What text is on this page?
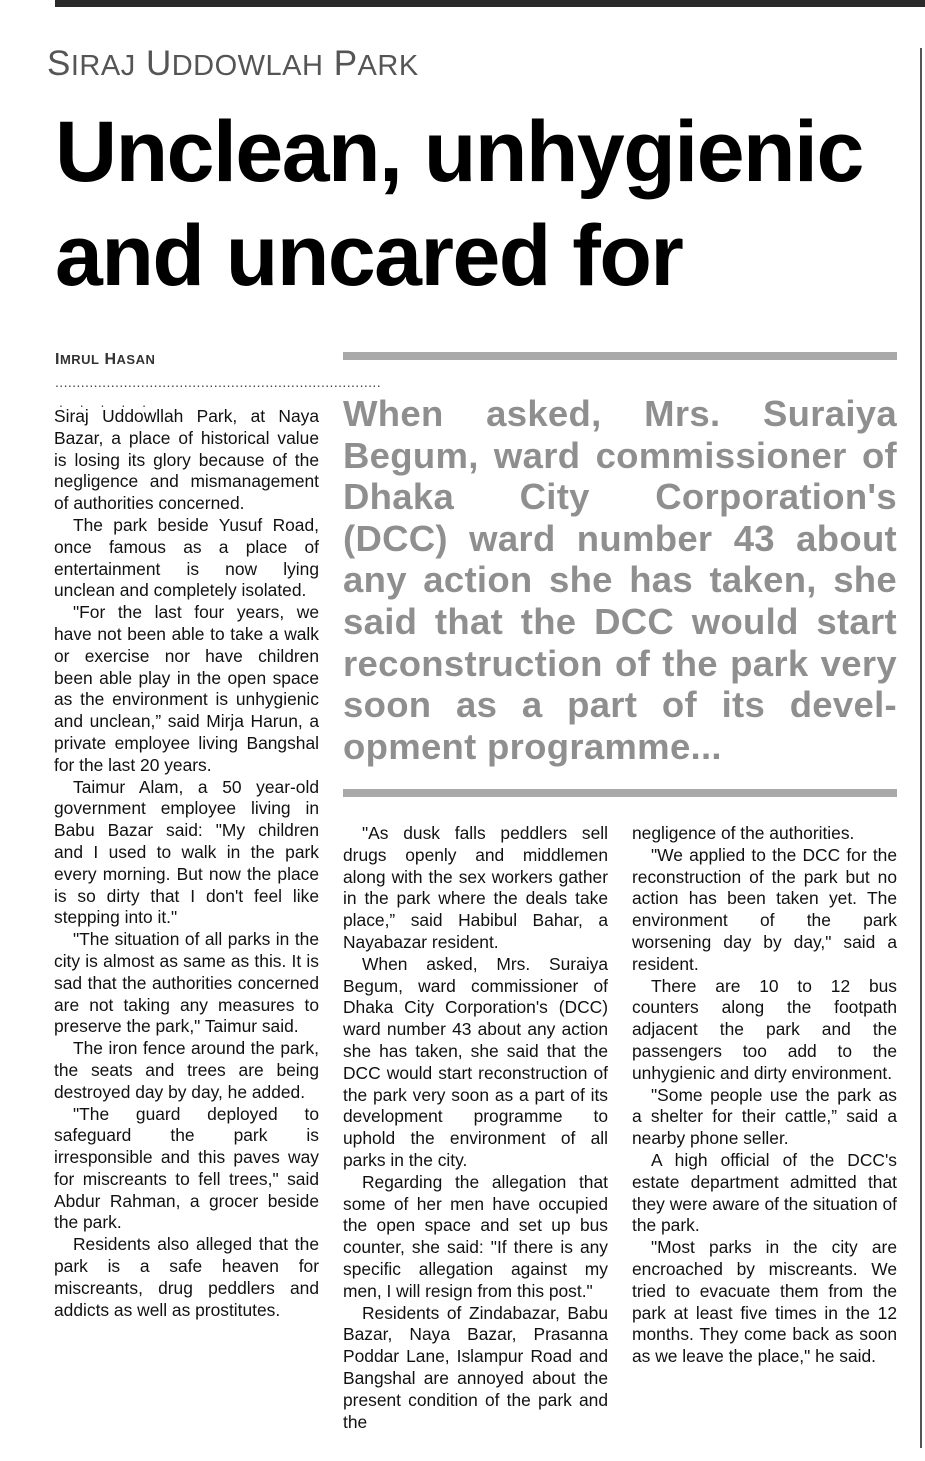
SIRAJ UDDOWLAH PARK
Unclean, unhygienic
and uncared for
IMRUL HASAN
............................................................................
. . . . .

Siraj Uddowllah Park, at Naya Bazar, a place of historical value is losing its glory because of the negligence and mismanagement of authorities concerned.

The park beside Yusuf Road, once famous as a place of entertainment is now lying unclean and completely isolated.

"For the last four years, we have not been able to take a walk or exercise nor have children been able play in the open space as the environment is unhygienic and unclean,” said Mirja Harun, a private employee living Bangshal for the last 20 years.

Taimur Alam, a 50 year-old government employee living in Babu Bazar said: "My children and I used to walk in the park every morning. But now the place is so dirty that I don't feel like stepping into it."

"The situation of all parks in the city is almost as same as this. It is sad that the authorities concerned are not taking any measures to preserve the park," Taimur said.

The iron fence around the park, the seats and trees are being destroyed day by day, he added.

"The guard deployed to safeguard the park is irresponsible and this paves way for miscreants to fell trees," said Abdur Rahman, a grocer beside the park.

Residents also alleged that the park is a safe heaven for miscreants, drug peddlers and addicts as well as prostitutes.

When asked, Mrs. Suraiya Begum, ward commissioner of Dhaka City Corporation's (DCC) ward number 43 about any action she has taken, she said that the DCC would start reconstruction of the park very soon as a part of its devel-opment programme...

"As dusk falls peddlers sell drugs openly and middlemen along with the sex workers gather in the park where the deals take place,” said Habibul Bahar, a Nayabazar resident.

When asked, Mrs. Suraiya Begum, ward commissioner of Dhaka City Corporation's (DCC) ward number 43 about any action she has taken, she said that the DCC would start reconstruction of the park very soon as a part of its development programme to uphold the environment of all parks in the city.

Regarding the allegation that some of her men have occupied the open space and set up bus counter, she said: "If there is any specific allegation against my men, I will resign from this post."

Residents of Zindabazar, Babu Bazar, Naya Bazar, Prasanna Poddar Lane, Islampur Road and Bangshal are annoyed about the present condition of the park and the

negligence of the authorities.

"We applied to the DCC for the reconstruction of the park but no action has been taken yet. The environment of the park worsening day by day," said a resident.

There are 10 to 12 bus counters along the footpath adjacent the park and the passengers too add to the unhygienic and dirty environment.

"Some people use the park as a shelter for their cattle,” said a nearby phone seller.

A high official of the DCC's estate department admitted that they were aware of the situation of the park.

"Most parks in the city are encroached by miscreants. We tried to evacuate them from the park at least five times in the 12 months. They come back as soon as we leave the place," he said.
